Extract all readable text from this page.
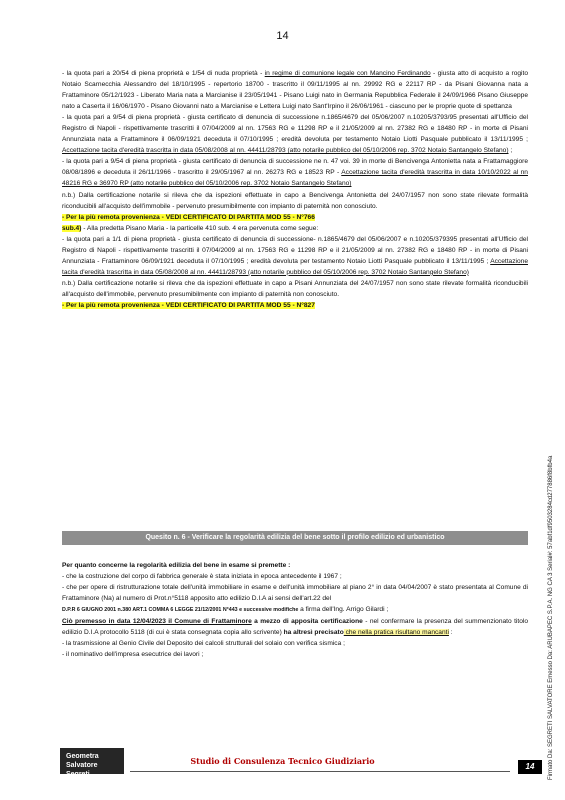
14

- la quota pari a 20/54 di piena proprietà e 1/54 di nuda proprietà - in regime di comunione legale con Mancino Ferdinando - giusta atto di acquisto a rogito Notaio Scarnecchia Alessandro del 18/10/1995 - repertorio 18700 - trascritto il 09/11/1995 al nn. 29992 RG e 22117 RP - da Pisani Giovanna nata a Frattaminore 05/12/1923 - Liberato Maria nata a Marcianise il 23/05/1941 - Pisano Luigi nato in Germania Repubblica Federale il 24/09/1966 Pisano Giuseppe nato a Caserta il 16/06/1970 - Pisano Giovanni nato a Marcianise e Lettera Luigi nato Sant'Irpino il 26/06/1961 - ciascuno per le proprie quote di spettanza

- la quota pari a 9/54 di piena proprietà - giusta certificato di denuncia di successione n.1865/4679 del 05/06/2007 n.10205/3793/95 presentati all'Ufficio del Registro di Napoli - rispettivamente trascritti il 07/04/2009 al nn. 17563 RG e 11298 RP e il 21/05/2009 al nn. 27382 RG e 18480 RP - in morte di Pisani Annunziata nata a Frattaminore il 06/09/1921 deceduta il 07/10/1995 ; eredità devoluta per testamento Notaio Liotti Pasquale pubblicato il 13/11/1995 ; Accettazione tacita d'eredità trascritta in data 05/08/2008 al nn. 44411/28793 (atto notarile pubblico del 05/10/2006 rep. 3702 Notaio Santangelo Stefano) ;

- la quota pari a 9/54 di piena proprietà - giusta certificato di denuncia di successione ne n. 47 voi. 39 in morte di Bencivenga Antonietta nata a Frattamaggiore 08/08/1896 e deceduta il 26/11/1966 - trascritto il 29/05/1967 al nn. 26273 RG e 18523 RP - Accettazione tacita d'eredità trascritta in data 10/10/2022 al nn 48216 RG e 36970 RP (atto notarile pubblico del 05/10/2006 rep. 3702 Notaio Santangelo Stefano)

n.b.) Dalla certificazione notarile si rileva che da ispezioni effettuate in capo a Bencivenga Antonietta del 24/07/1957 non sono state rilevate formalità riconducibili all'acquisto dell'immobile - pervenuto presumibilmente con impianto di paternità non conosciuto.

- Per la più remota provenienza - VEDI CERTIFICATO DI PARTITA MOD 55 - N°766

sub.4) - Alla predetta Pisano Maria - la particelle 410 sub. 4 era pervenuta come segue:

- la quota pari a 1/1 di piena proprietà - giusta certificato di denuncia di successione- n.1865/4679 del 05/06/2007 e n.10205/379395 presentati all'Ufficio del Registro di Napoli - rispettivamente trascritti il 07/04/2009 al nn. 17563 RG e 11298 RP e il 21/05/2009 al nn. 27382 RG e 18480 RP - in morte di Pisani Annunziata - Frattaminore 06/09/1921 deceduta il 07/10/1995 ; eredità devoluta per testamento Notaio Liotti Pasquale pubblicato il 13/11/1995 ; Accettazione tacita d'eredità trascritta in data 05/08/2008 al nn. 44411/28793 (atto notarile pubblico del 05/10/2006 rep. 3702 Notaio Santangelo Stefano)

n.b.) Dalla certificazione notarile si rileva che da ispezioni effettuate in capo a Pisani Annunziata del 24/07/1957 non sono state rilevate formalità riconducibili all'acquisto dell'immobile, pervenuto presumibilmente con impianto di paternità non conosciuto.

- Per la più remota provenienza - VEDI CERTIFICATO DI PARTITA MOD 55 - N°827

Quesito n. 6 - Verificare la regolarità edilizia del bene sotto il profilo edilizio ed urbanistico

Per quanto concerne la regolarità edilizia del bene in esame si premette :

- che la costruzione del corpo di fabbrica generale è stata iniziata in epoca antecedente il 1967 ;

- che per opere di ristrutturazione totale dell'unità immobiliare in esame e dell'unità immobiliare al piano 2° in data 04/04/2007 è stato presentata al Comune di Frattaminore (Na) al numero di Prot.n°5118 apposito atto edilizio D.I.A ai sensi dell'art.22 del
D.P.R 6 GIUGNO 2001 n.380 ART.1 COMMA 6 LEGGE 21/12/2001 N°443 e successive modifiche a firma dell'Ing. Arrigo Gilardi ;

Ciò premesso in data 12/04/2023 il Comune di Frattaminore a mezzo di apposita certificazione - nel confermare la presenza del summenzionato titolo edilizio D.I.A protocollo 5118 (di cui è stata consegnata copia allo scrivente) ha altresì precisato che nella pratica risultano mancanti :

- la trasmissione al Genio Civile del Deposito dei calcoli strutturali del solaio con verifica sismica ;

- il nominativo dell'impresa esecutrice dei lavori ;

Geometra
Salvatore Segreti
Studio di Consulenza Tecnico Giudiziario
14	Firmato Da: SEGRETI SALVATORE Emesso Da: ARUBAPEC S.P.A. NG CA 3 Serial#: 57abf1df9503284cd277886f8bfb4a
